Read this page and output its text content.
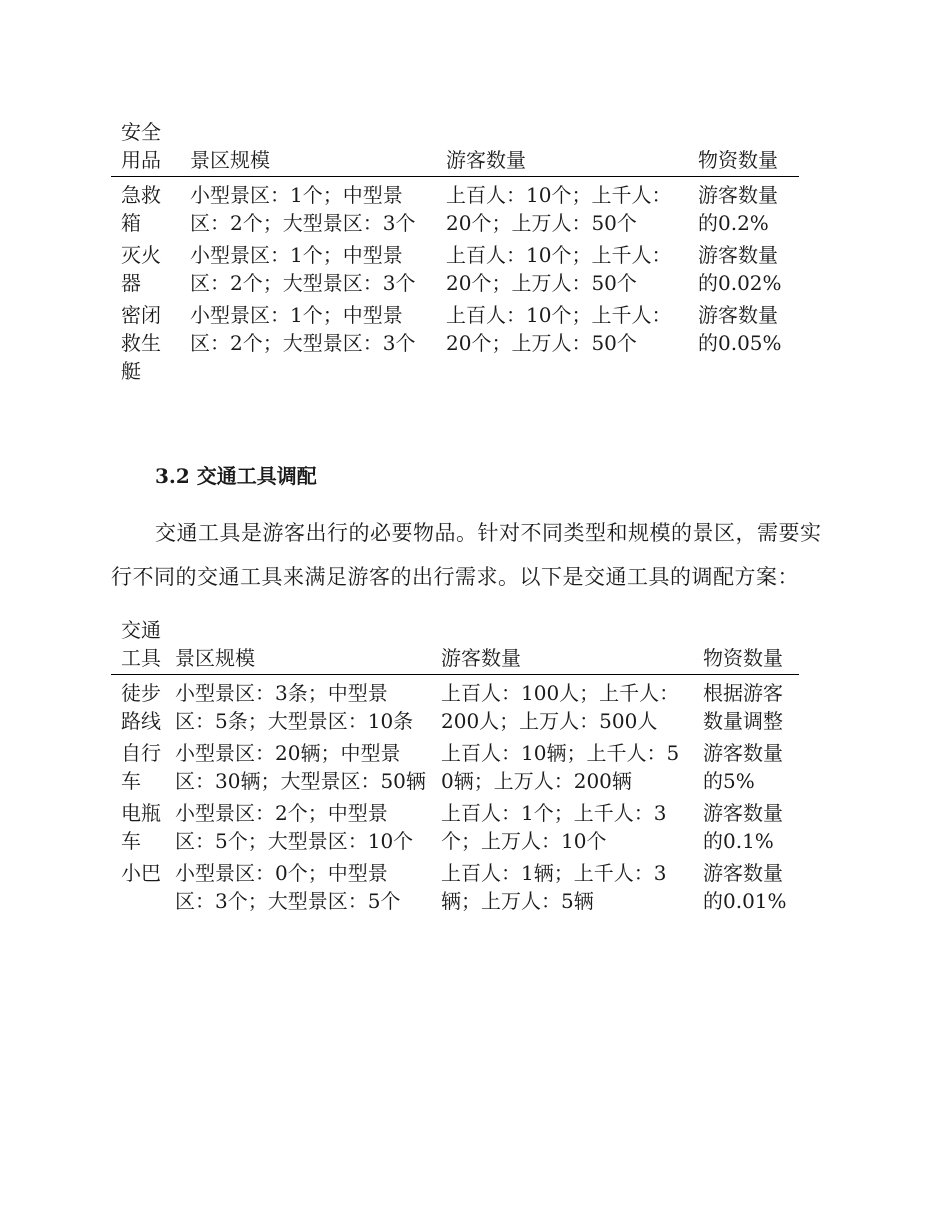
安全用品	景区规模	游客数量	物资数量
急救箱	小型景区：1个；中型景区：2个；大型景区：3个	上百人：10个；上千人：20个；上万人：50个	游客数量的0.2%
灭火器	小型景区：1个；中型景区：2个；大型景区：3个	上百人：10个；上千人：20个；上万人：50个	游客数量的0.02%
密闭救生艇	小型景区：1个；中型景区：2个；大型景区：3个	上百人：10个；上千人：20个；上万人：50个	游客数量的0.05%
3.2 交通工具调配

交通工具是游客出行的必要物品。针对不同类型和规模的景区，需要实行不同的交通工具来满足游客的出行需求。以下是交通工具的调配方案：

交通工具	景区规模	游客数量	物资数量
徒步路线	小型景区：3条；中型景区：5条；大型景区：10条	上百人：100人；上千人：200人；上万人：500人	根据游客数量调整
自行车	小型景区：20辆；中型景区：30辆；大型景区：50辆	上百人：10辆；上千人：50辆；上万人：200辆	游客数量的5%
电瓶车	小型景区：2个；中型景区：5个；大型景区：10个	上百人：1个；上千人：3个；上万人：10个	游客数量的0.1%
小巴	小型景区：0个；中型景区：3个；大型景区：5个	上百人：1辆；上千人：3辆；上万人：5辆	游客数量的0.01%
